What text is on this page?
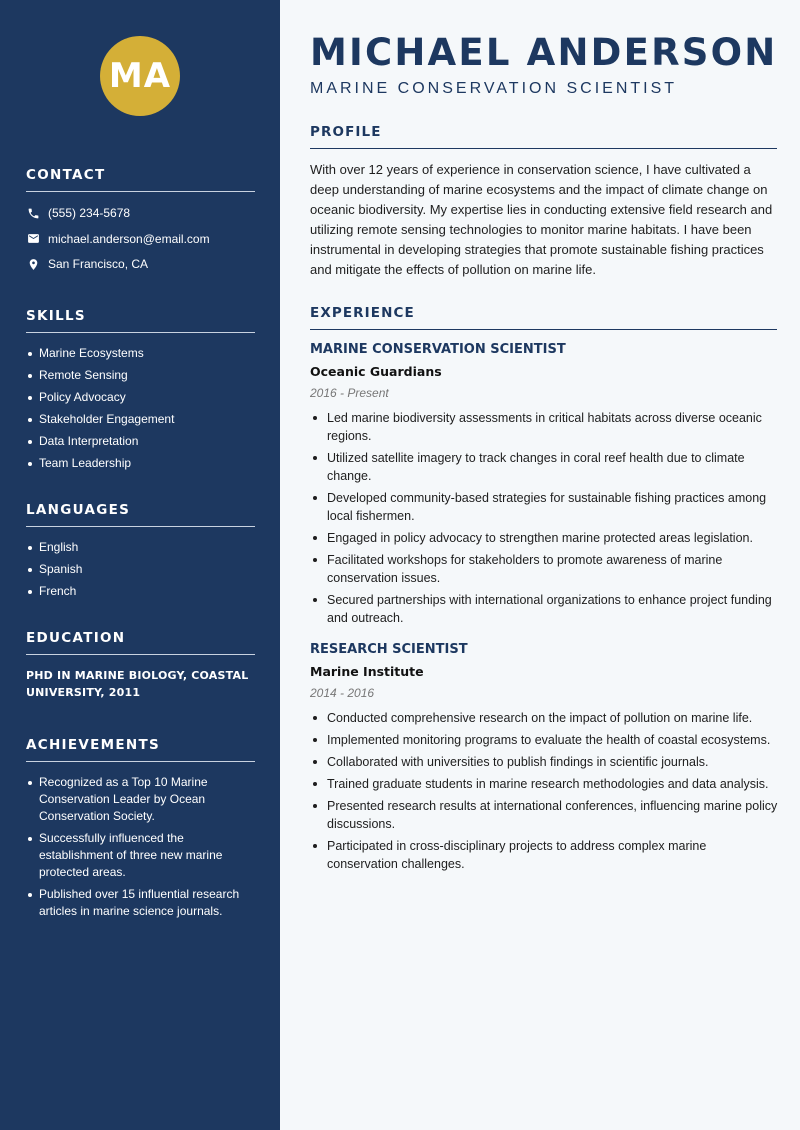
MA
CONTACT
(555) 234-5678
michael.anderson@email.com
San Francisco, CA
SKILLS
Marine Ecosystems
Remote Sensing
Policy Advocacy
Stakeholder Engagement
Data Interpretation
Team Leadership
LANGUAGES
English
Spanish
French
EDUCATION
PHD IN MARINE BIOLOGY, COASTAL UNIVERSITY, 2011
ACHIEVEMENTS
Recognized as a Top 10 Marine Conservation Leader by Ocean Conservation Society.
Successfully influenced the establishment of three new marine protected areas.
Published over 15 influential research articles in marine science journals.
MICHAEL ANDERSON
MARINE CONSERVATION SCIENTIST
PROFILE

With over 12 years of experience in conservation science, I have cultivated a deep understanding of marine ecosystems and the impact of climate change on oceanic biodiversity. My expertise lies in conducting extensive field research and utilizing remote sensing technologies to monitor marine habitats. I have been instrumental in developing strategies that promote sustainable fishing practices and mitigate the effects of pollution on marine life.

EXPERIENCE
MARINE CONSERVATION SCIENTIST
Oceanic Guardians
2016 - Present
Led marine biodiversity assessments in critical habitats across diverse oceanic regions.
Utilized satellite imagery to track changes in coral reef health due to climate change.
Developed community-based strategies for sustainable fishing practices among local fishermen.
Engaged in policy advocacy to strengthen marine protected areas legislation.
Facilitated workshops for stakeholders to promote awareness of marine conservation issues.
Secured partnerships with international organizations to enhance project funding and outreach.
RESEARCH SCIENTIST
Marine Institute
2014 - 2016
Conducted comprehensive research on the impact of pollution on marine life.
Implemented monitoring programs to evaluate the health of coastal ecosystems.
Collaborated with universities to publish findings in scientific journals.
Trained graduate students in marine research methodologies and data analysis.
Presented research results at international conferences, influencing marine policy discussions.
Participated in cross-disciplinary projects to address complex marine conservation challenges.
